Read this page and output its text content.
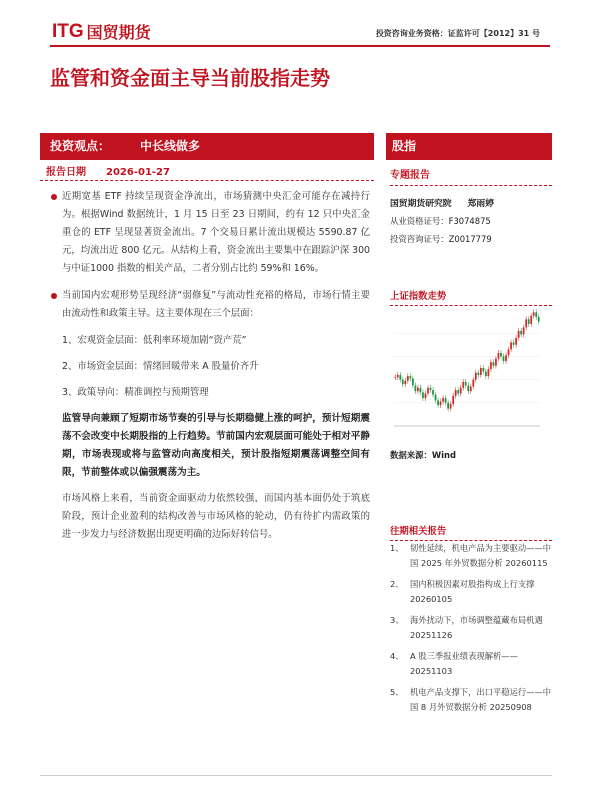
ITG 国贸期货	投资咨询业务资格：证监许可【2012】31 号
监管和资金面主导当前股指走势
投资观点：	中长线做多	股指
报告日期 2026-01-27
近期宽基 ETF 持续呈现资金净流出，市场猜测中央汇金可能存在减持行为。根据Wind 数据统计，1 月 15 日至 23 日期间，约有 12 只中央汇金重仓的 ETF 呈现显著资金流出。7 个交易日累计流出规模达 5590.87 亿元，均流出近 800 亿元。从结构上看，资金流出主要集中在跟踪沪深 300 与中证1000 指数的相关产品，二者分别占比约 59%和 16%。
当前国内宏观形势呈现经济“弱修复”与流动性充裕的格局，市场行情主要由流动性和政策主导。这主要体现在三个层面：
1、宏观资金层面：低利率环境加剧“资产荒”
2、市场资金层面：情绪回暖带来 A 股量价齐升
3、政策导向：精准调控与预期管理
监管导向兼顾了短期市场节奏的引导与长期稳健上涨的呵护，预计短期震荡不会改变中长期股指的上行趋势。节前国内宏观层面可能处于相对平静期，市场表现或将与监管动向高度相关，预计股指短期震荡调整空间有限，节前整体或以偏强震荡为主。
市场风格上来看，当前资金面驱动力依然较强，而国内基本面仍处于筑底阶段，预计企业盈利的结构改善与市场风格的轮动，仍有待扩内需政策的进一步发力与经济数据出现更明确的边际好转信号。
专题报告
国贸期货研究院 郑雨婷
从业资格证号：F3074875
投资咨询证号：Z0017779
上证指数走势
数据来源：Wind
往期相关报告
1、 韧性延续，机电产品为主要驱动——中国 2025 年外贸数据分析 20260115
2、 国内积极因素对股指构成上行支撑 20260105
3、 海外扰动下，市场调整蕴藏布局机遇 20251126
4、 A 股三季报业绩表现解析——20251103
5、 机电产品支撑下，出口平稳运行——中国 8 月外贸数据分析 20250908
